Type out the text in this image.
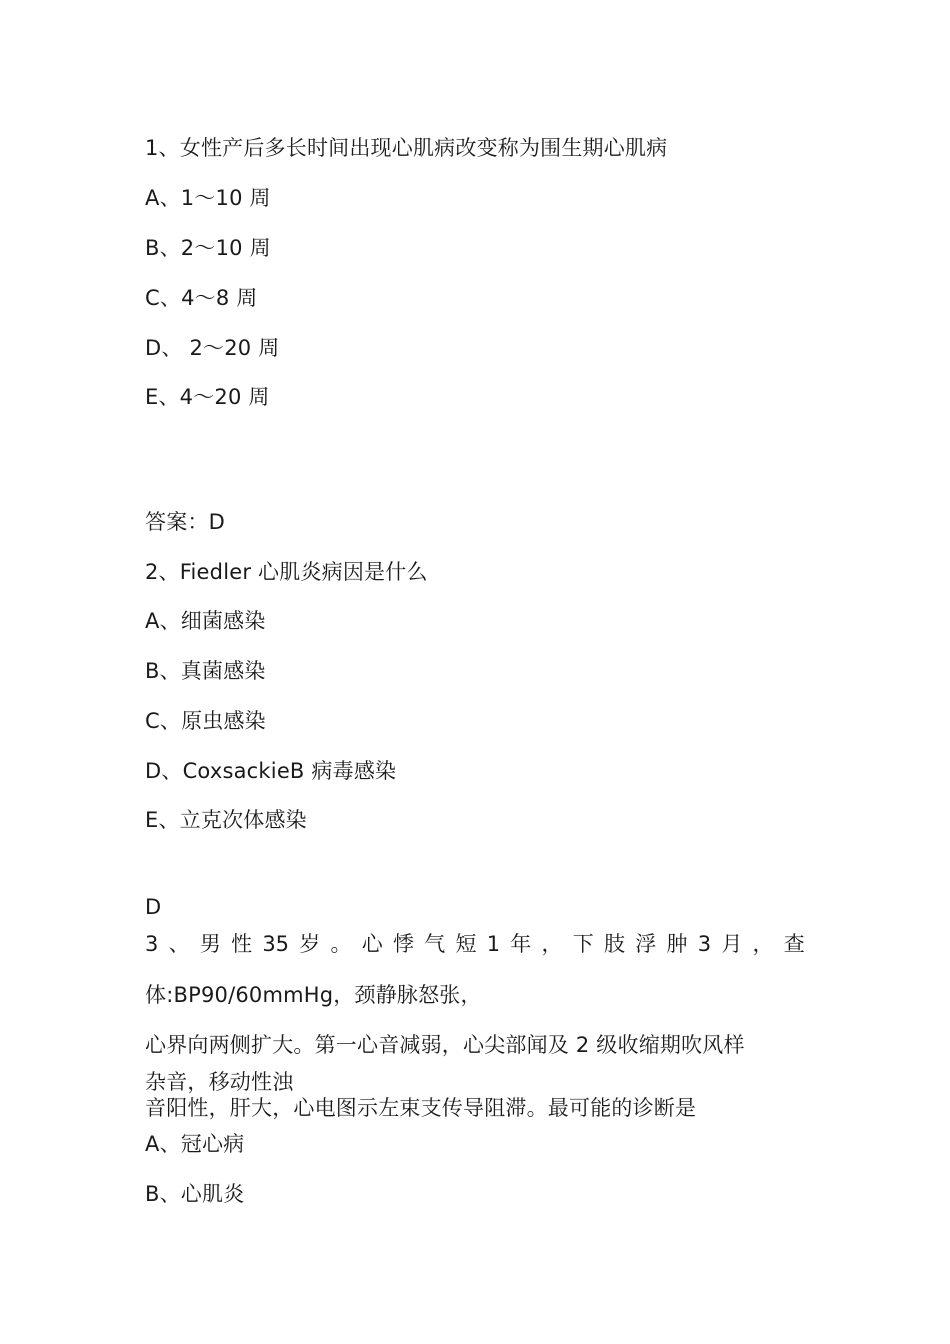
1、女性产后多长时间出现心肌病改变称为围生期心肌病
A、1～10 周
B、2～10 周
C、4～8 周
D、 2～20 周
E、4～20 周
答案：D
2、Fiedler 心肌炎病因是什么
A、细菌感染
B、真菌感染
C、原虫感染
D、CoxsackieB 病毒感染
E、立克次体感染
D
3 、 男 性 35 岁 。 心 悸 气 短 1 年 ， 下 肢 浮 肿 3 月 ， 查
体:BP90/60mmHg，颈静脉怒张，
心界向两侧扩大。第一心音减弱，心尖部闻及 2 级收缩期吹风样
杂音，移动性浊
音阳性，肝大，心电图示左束支传导阻滞。最可能的诊断是
A、冠心病
B、心肌炎
